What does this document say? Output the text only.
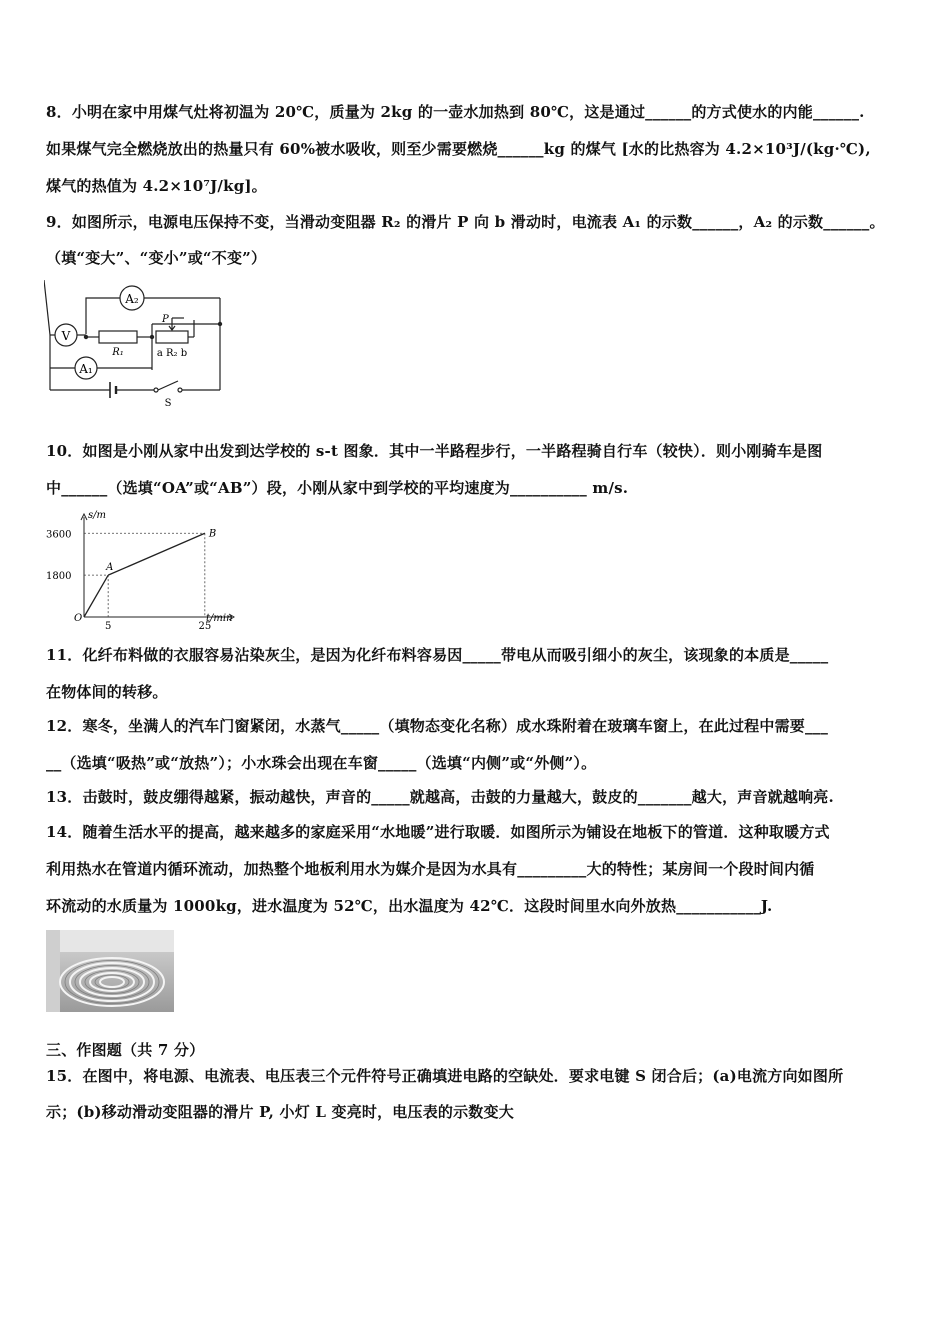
8．小明在家中用煤气灶将初温为 20℃，质量为 2kg 的一壶水加热到 80℃，这是通过______的方式使水的内能______.
如果煤气完全燃烧放出的热量只有 60%被水吸收，则至少需要燃烧______kg 的煤气 [水的比热容为 4.2×10³J/(kg·℃),
煤气的热值为 4.2×10⁷J/kg]。
9．如图所示，电源电压保持不变，当滑动变阻器 R₂ 的滑片 P 向 b 滑动时，电流表 A₁ 的示数______，A₂ 的示数______。
（填“变大”、“变小”或“不变”）
A₂
V
A₁
R₁
P
a R₂ b
S
10．如图是小刚从家中出发到达学校的 s-t 图象．其中一半路程步行，一半路程骑自行车（较快）．则小刚骑车是图
中______（选填“OA”或“AB”）段，小刚从家中到学校的平均速度为__________ m/s.
s/m
t/min
O
3600
1800
5	25
A
B
11．化纤布料做的衣服容易沾染灰尘，是因为化纤布料容易因_____带电从而吸引细小的灰尘，该现象的本质是_____
在物体间的转移。
12．寒冬，坐满人的汽车门窗紧闭，水蒸气_____（填物态变化名称）成水珠附着在玻璃车窗上，在此过程中需要___
__（选填“吸热”或“放热”）；小水珠会出现在车窗_____（选填“内侧”或“外侧”）。
13．击鼓时，鼓皮绷得越紧，振动越快，声音的_____就越高，击鼓的力量越大，鼓皮的_______越大，声音就越响亮.
14．随着生活水平的提高，越来越多的家庭采用“水地暖”进行取暖．如图所示为铺设在地板下的管道．这种取暖方式
利用热水在管道内循环流动，加热整个地板利用水为媒介是因为水具有_________大的特性；某房间一个段时间内循
环流动的水质量为 1000kg，进水温度为 52℃，出水温度为 42℃．这段时间里水向外放热___________J.
三、作图题（共 7 分）
15．在图中，将电源、电流表、电压表三个元件符号正确填进电路的空缺处．要求电键 S 闭合后；(a)电流方向如图所
示；(b)移动滑动变阻器的滑片 P, 小灯 L 变亮时，电压表的示数变大
